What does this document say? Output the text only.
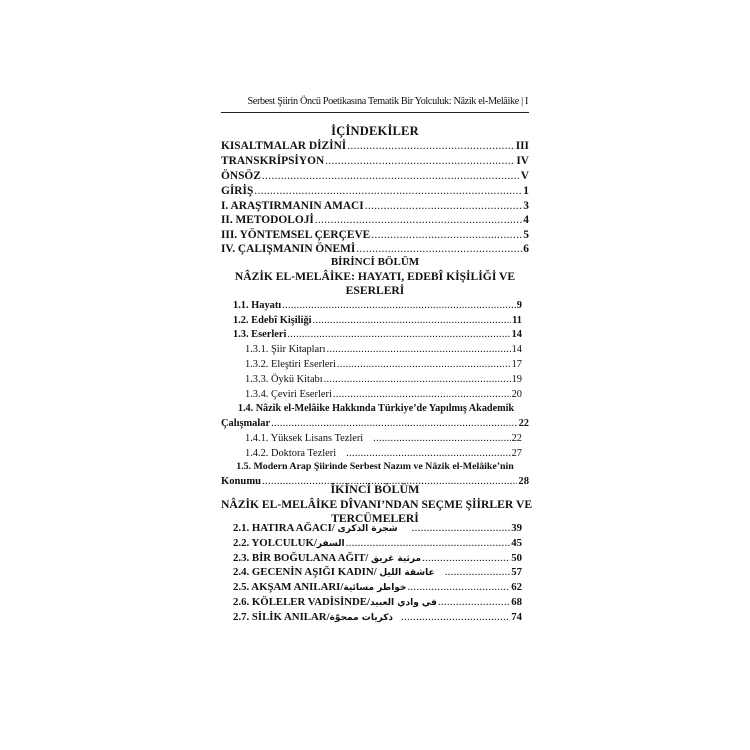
Serbest Şiirin Öncü Poetikasına Tematik Bir Yolculuk: Nâzik el-Melâike | I
İÇİNDEKİLER
KISALTMALAR DİZİNİ .....	III
TRANSKRİPSİYON .....	IV
ÖNSÖZ .....	V
GİRİŞ .....	1
I. ARAŞTIRMANIN AMACI .....	3
II. METODOLOJİ .....	4
III. YÖNTEMSEL ÇERÇEVE .....	5
IV. ÇALIŞMANIN ÖNEMİ .....	6
BİRİNCİ BÖLÜM
NÂZİK EL-MELÂİKE: HAYATI, EDEBÎ KİŞİLİĞİ VE
ESERLERİ
1.1. Hayatı .....	9
1.2. Edebî Kişiliği .....	11
1.3. Eserleri .....	14
1.3.1. Şiir Kitapları .....	14
1.3.2. Eleştiri Eserleri .....	17
1.3.3. Öykü Kitabı .....	19
1.3.4. Çeviri Eserleri .....	20
1.4. Nâzik el-Melâike Hakkında Türkiye’de Yapılmış Akademik
Çalışmalar .....	22
1.4.1. Yüksek Lisans Tezleri .....	22
1.4.2. Doktora Tezleri .....	27
1.5. Modern Arap Şiirinde Serbest Nazım ve Nâzik el-Melâike’nin
Konumu .....	28
İKİNCİ BÖLÜM
NÂZİK EL-MELÂİKE DÎVANI’NDAN SEÇME ŞİİRLER VE
TERCÜMELERİ
2.1. HATIRA AĞACI/ شجرة الذكرى .....	39
2.2. YOLCULUK/السفر .....	45
2.3. BİR BOĞULANA AĞIT/ مرثية غريق .....	50
2.4. GECENİN AŞIĞI KADIN/ عاشقة الليل .....	57
2.5. AKŞAM ANILARI/خواطر مسائية .....	62
2.6. KÖLELER VADİSİNDE/في وادي العبيد .....	68
2.7. SİLİK ANILAR/ذكريات ممحوّة .....	74
